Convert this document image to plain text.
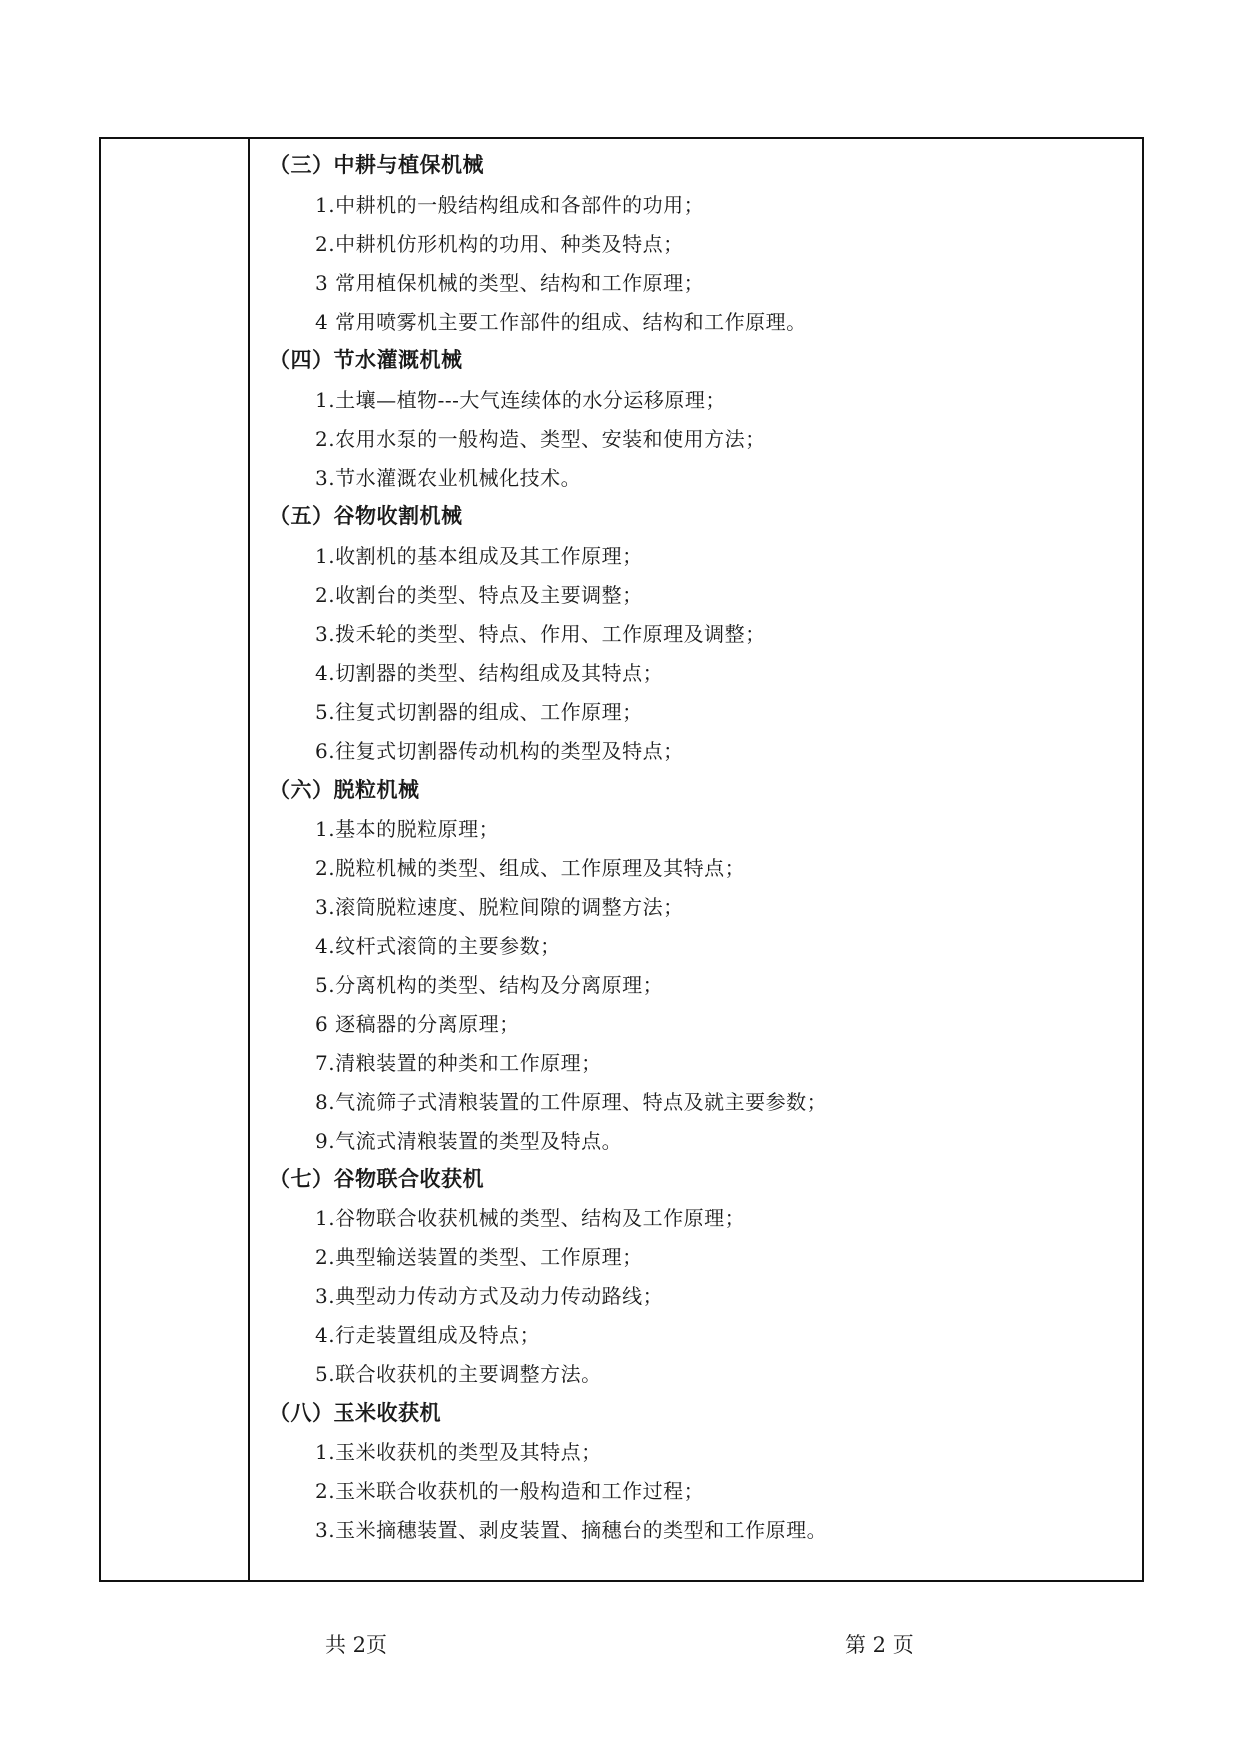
（三）中耕与植保机械
1.中耕机的一般结构组成和各部件的功用；
2.中耕机仿形机构的功用、种类及特点；
3 常用植保机械的类型、结构和工作原理；
4 常用喷雾机主要工作部件的组成、结构和工作原理。
（四）节水灌溉机械
1.土壤—植物---大气连续体的水分运移原理；
2.农用水泵的一般构造、类型、安装和使用方法；
3.节水灌溉农业机械化技术。
（五）谷物收割机械
1.收割机的基本组成及其工作原理；
2.收割台的类型、特点及主要调整；
3.拨禾轮的类型、特点、作用、工作原理及调整；
4.切割器的类型、结构组成及其特点；
5.往复式切割器的组成、工作原理；
6.往复式切割器传动机构的类型及特点；
（六）脱粒机械
1.基本的脱粒原理；
2.脱粒机械的类型、组成、工作原理及其特点；
3.滚筒脱粒速度、脱粒间隙的调整方法；
4.纹杆式滚筒的主要参数；
5.分离机构的类型、结构及分离原理；
6 逐稿器的分离原理；
7.清粮装置的种类和工作原理；
8.气流筛子式清粮装置的工件原理、特点及就主要参数；
9.气流式清粮装置的类型及特点。
（七）谷物联合收获机
1.谷物联合收获机械的类型、结构及工作原理；
2.典型输送装置的类型、工作原理；
3.典型动力传动方式及动力传动路线；
4.行走装置组成及特点；
5.联合收获机的主要调整方法。
（八）玉米收获机
1.玉米收获机的类型及其特点；
2.玉米联合收获机的一般构造和工作过程；
3.玉米摘穗装置、剥皮装置、摘穗台的类型和工作原理。
共 2页	第 2 页
